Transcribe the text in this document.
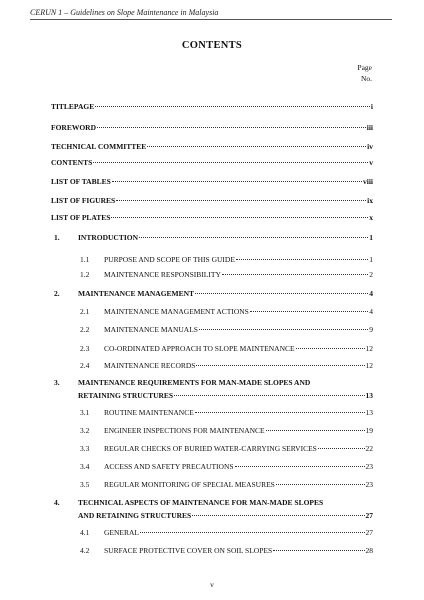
CERUN 1 – Guidelines on Slope Maintenance in Malaysia
CONTENTS
Page
No.
TITLEPAGE	i
FOREWORD	iii
TECHNICAL COMMITTEE	iv
CONTENTS	v
LIST OF TABLES	viii
LIST OF FIGURES	ix
LIST OF PLATES	x
1. INTRODUCTION	1
1.1 PURPOSE AND SCOPE OF THIS GUIDE	1
1.2 MAINTENANCE RESPONSIBILITY	2
2. MAINTENANCE MANAGEMENT	4
2.1 MAINTENANCE MANAGEMENT ACTIONS	4
2.2 MAINTENANCE MANUALS	9
2.3 CO-ORDINATED APPROACH TO SLOPE MAINTENANCE	12
2.4 MAINTENANCE RECORDS	12
3. MAINTENANCE REQUIREMENTS FOR MAN-MADE SLOPES AND
RETAINING STRUCTURES	13
3.1 ROUTINE MAINTENANCE	13
3.2 ENGINEER INSPECTIONS FOR MAINTENANCE	19
3.3 REGULAR CHECKS OF BURIED WATER-CARRYING SERVICES	22
3.4 ACCESS AND SAFETY PRECAUTIONS	23
3.5 REGULAR MONITORING OF SPECIAL MEASURES	23
4. TECHNICAL ASPECTS OF MAINTENANCE FOR MAN-MADE SLOPES
AND RETAINING STRUCTURES	27
4.1 GENERAL	27
4.2 SURFACE PROTECTIVE COVER ON SOIL SLOPES	28
v
